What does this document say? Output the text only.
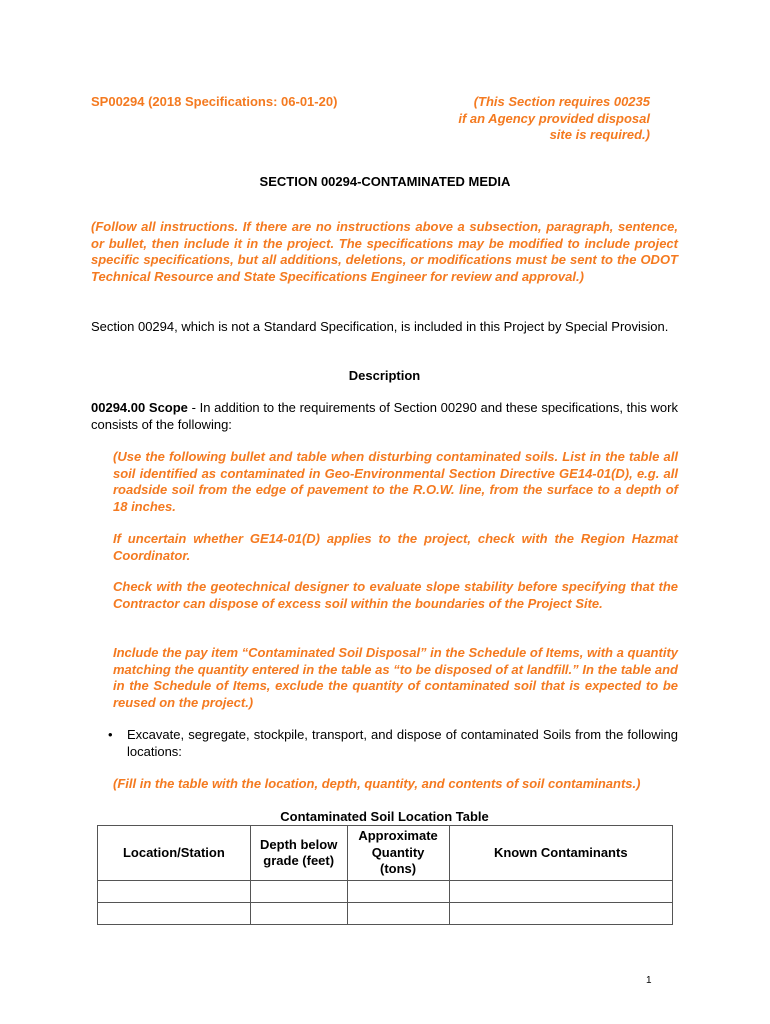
SP00294 (2018 Specifications: 06-01-20)	(This Section requires 00235
if an Agency provided disposal
site is required.)
SECTION 00294-CONTAMINATED MEDIA
(Follow all instructions. If there are no instructions above a subsection, paragraph, sentence, or bullet, then include it in the project. The specifications may be modified to include project specific specifications, but all additions, deletions, or modifications must be sent to the ODOT Technical Resource and State Specifications Engineer for review and approval.)
Section 00294, which is not a Standard Specification, is included in this Project by Special Provision.
Description
00294.00 Scope - In addition to the requirements of Section 00290 and these specifications, this work consists of the following:
(Use the following bullet and table when disturbing contaminated soils. List in the table all soil identified as contaminated in Geo-Environmental Section Directive GE14-01(D), e.g. all roadside soil from the edge of pavement to the R.O.W. line, from the surface to a depth of 18 inches.
If uncertain whether GE14-01(D) applies to the project, check with the Region Hazmat Coordinator.
Check with the geotechnical designer to evaluate slope stability before specifying that the Contractor can dispose of excess soil within the boundaries of the Project Site.
Include the pay item “Contaminated Soil Disposal” in the Schedule of Items, with a quantity matching the quantity entered in the table as “to be disposed of at landfill.” In the table and in the Schedule of Items, exclude the quantity of contaminated soil that is expected to be reused on the project.)
• Excavate, segregate, stockpile, transport, and dispose of contaminated Soils from the following locations:
(Fill in the table with the location, depth, quantity, and contents of soil contaminants.)
Contaminated Soil Location Table
Location/Station	Depth below grade (feet)	Approximate Quantity (tons)	Known Contaminants

1
